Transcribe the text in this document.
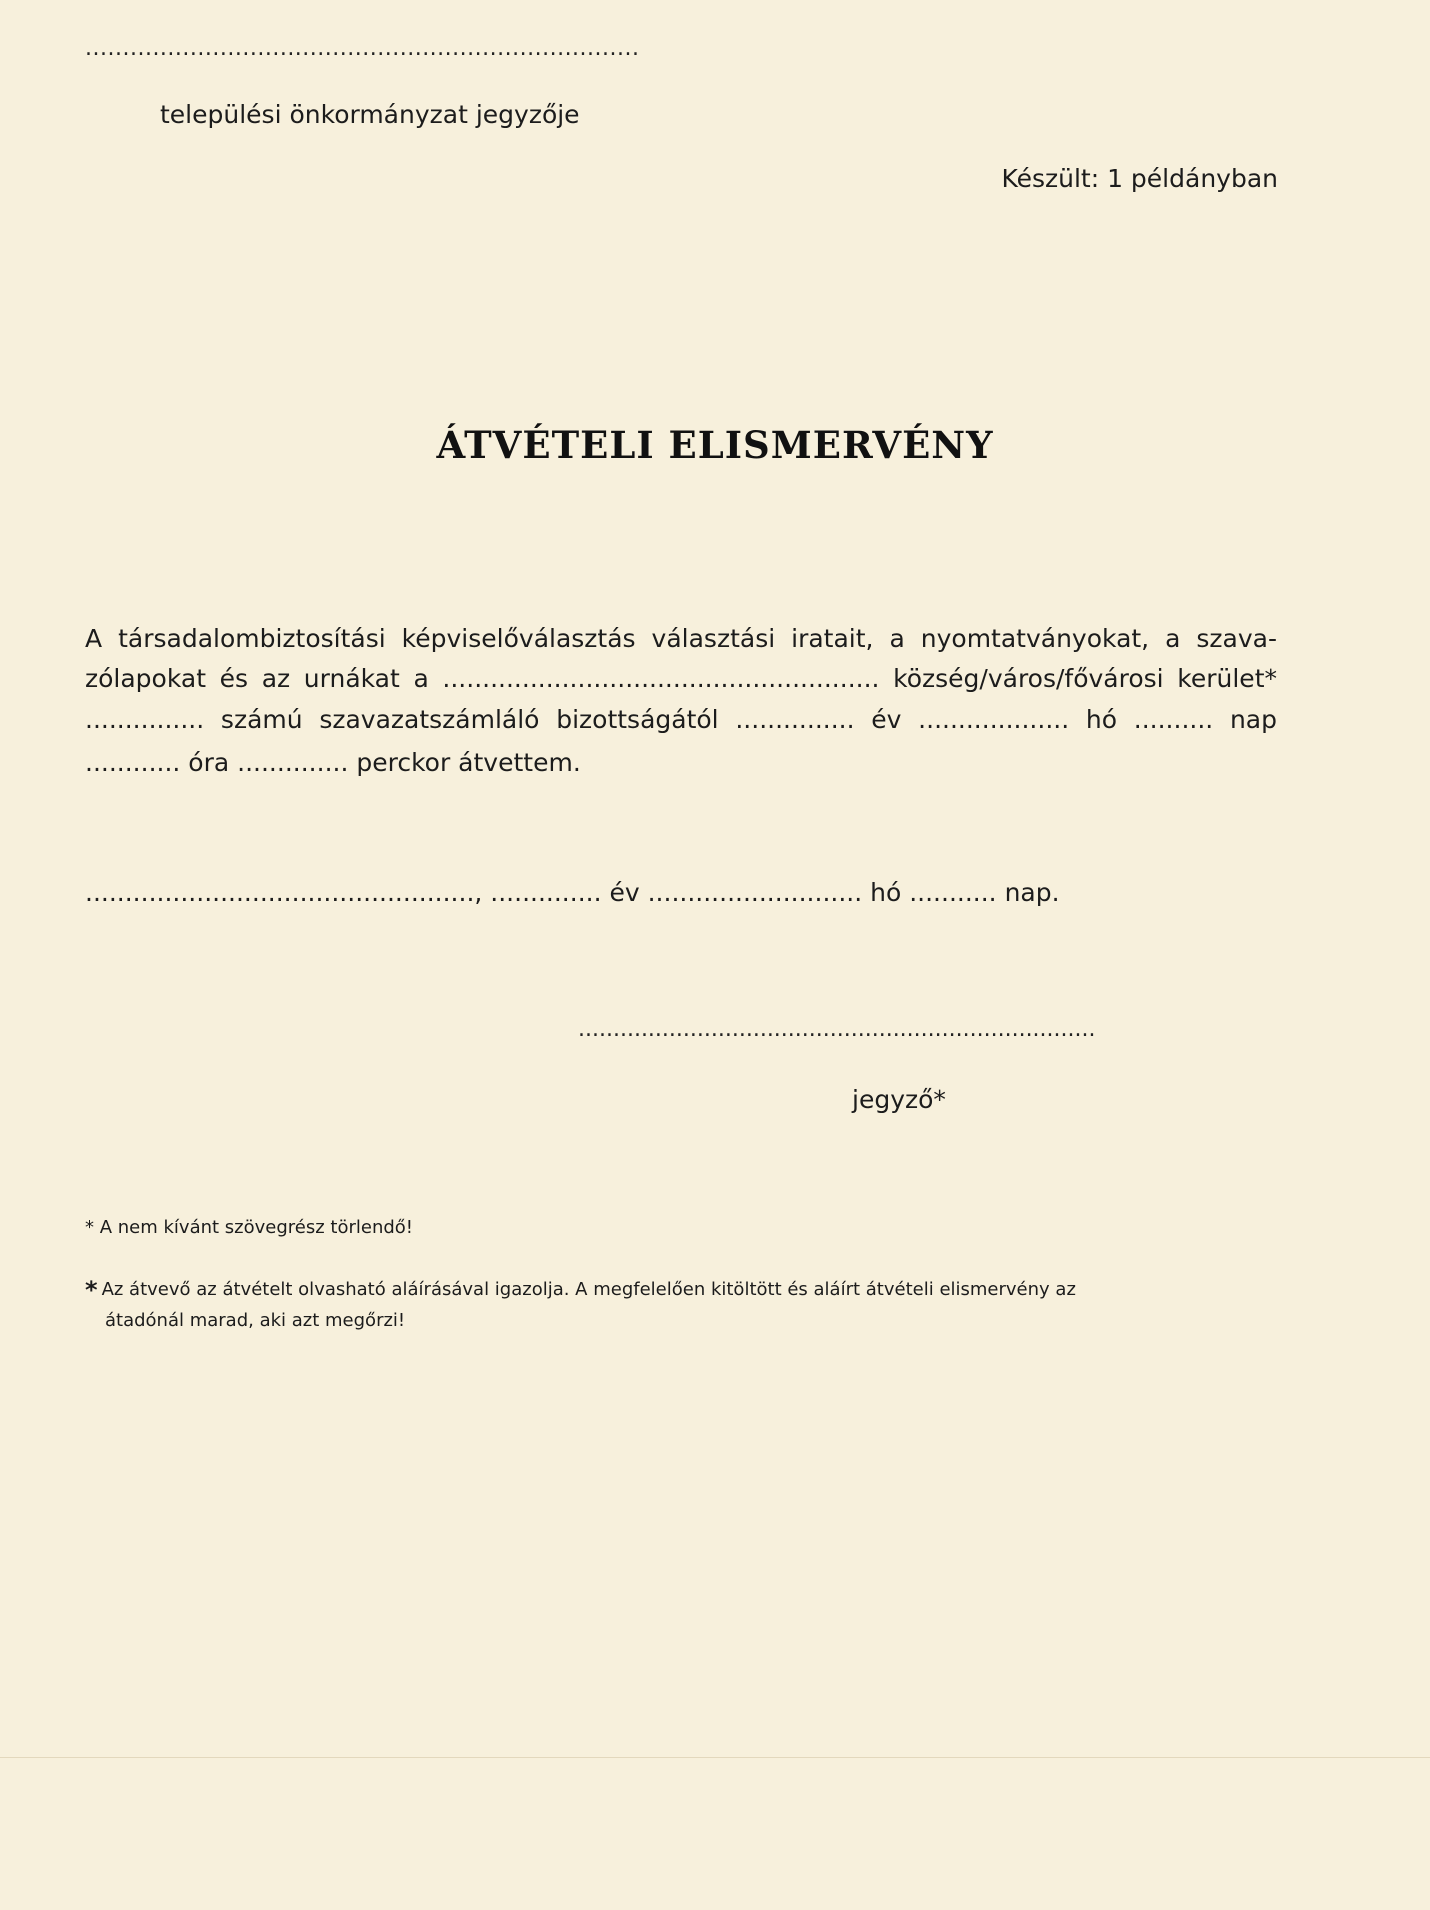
..........................................................................
települési önkormányzat jegyzője
Készült: 1 példányban
ÁTVÉTELI ELISMERVÉNY
A társadalombiztosítási képviselőválasztás választási iratait, a nyomtatványokat, a szava-
zólapokat és az urnákat a ....................................................... község/város/fővárosi kerület*
............... számú szavazatszámláló bizottságától ............... év ................... hó .......... nap
............ óra .............. perckor átvettem.
................................................., .............. év ........................... hó ........... nap.
..........................................................................
jegyző*
* A nem kívánt szövegrész törlendő!
* Az átvevő az átvételt olvasható aláírásával igazolja. A megfelelően kitöltött és aláírt átvételi elismervény az
átadónál marad, aki azt megőrzi!
